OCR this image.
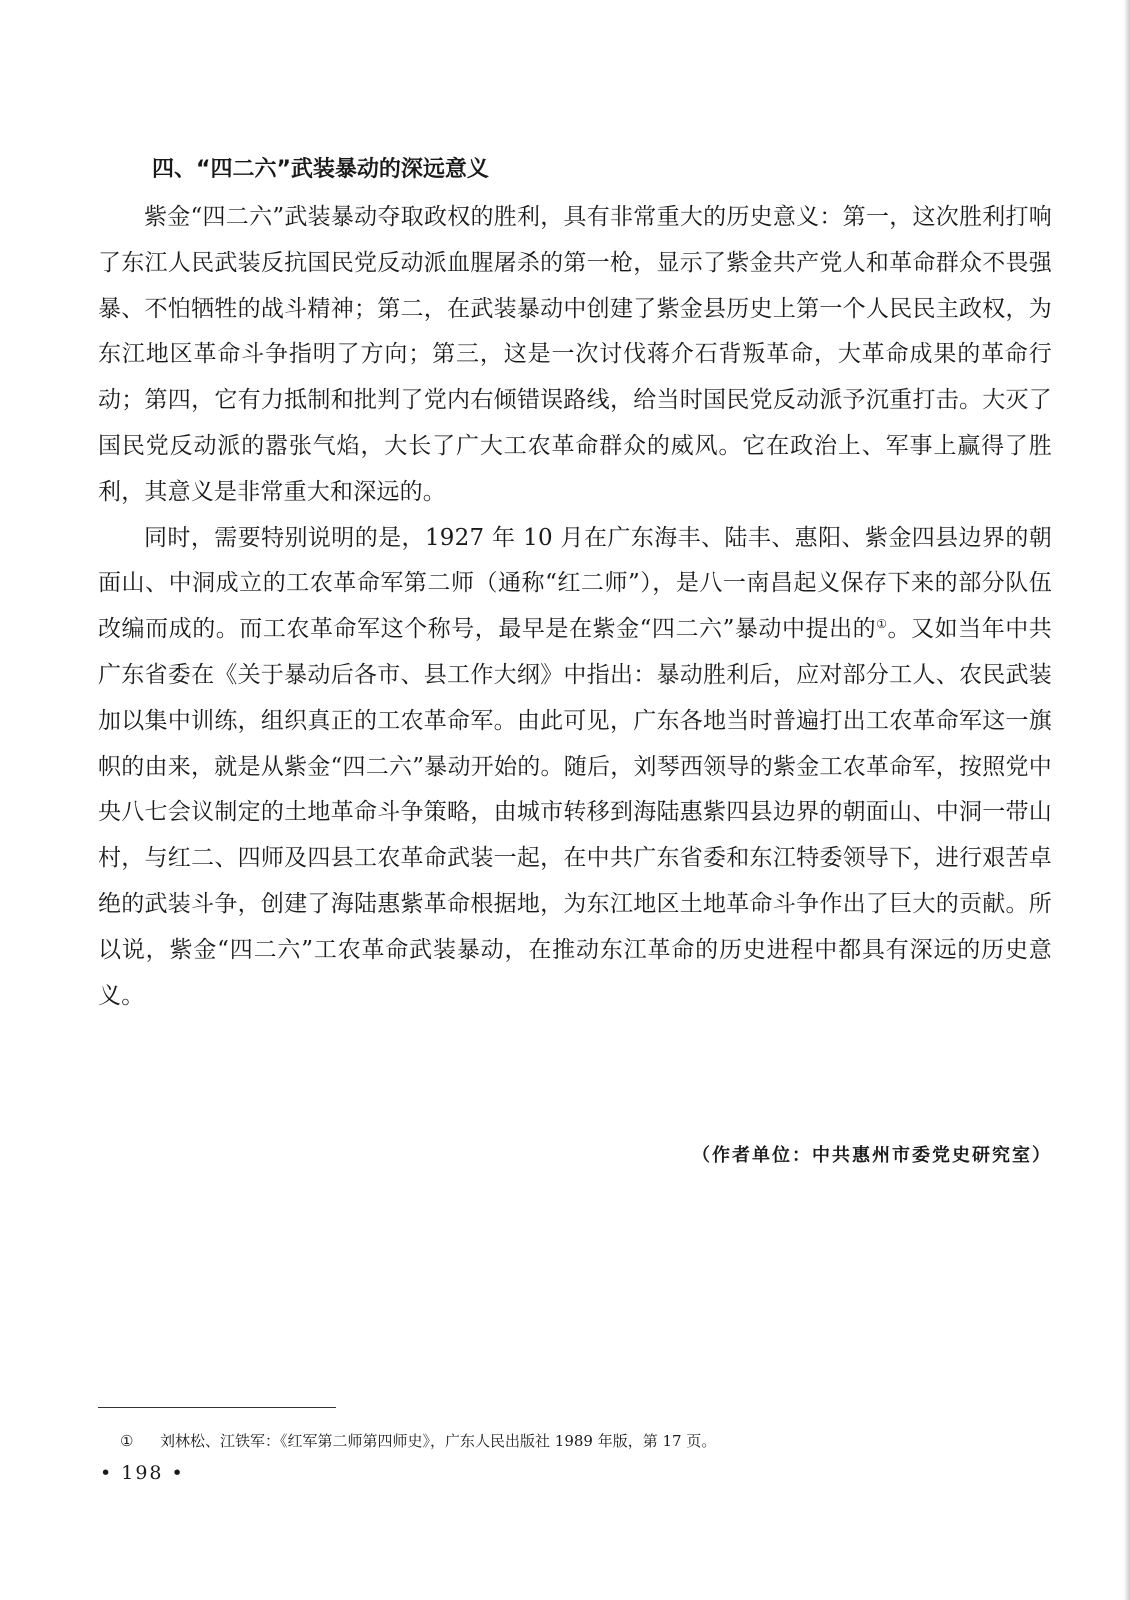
四、“四二六”武装暴动的深远意义

紫金“四二六”武装暴动夺取政权的胜利，具有非常重大的历史意义：第一，这次胜利打响了东江人民武装反抗国民党反动派血腥屠杀的第一枪，显示了紫金共产党人和革命群众不畏强暴、不怕牺牲的战斗精神；第二，在武装暴动中创建了紫金县历史上第一个人民民主政权，为东江地区革命斗争指明了方向；第三，这是一次讨伐蒋介石背叛革命，大革命成果的革命行动；第四，它有力抵制和批判了党内右倾错误路线，给当时国民党反动派予沉重打击。大灭了国民党反动派的嚣张气焰，大长了广大工农革命群众的威风。它在政治上、军事上赢得了胜利，其意义是非常重大和深远的。

同时，需要特别说明的是，1927 年 10 月在广东海丰、陆丰、惠阳、紫金四县边界的朝面山、中洞成立的工农革命军第二师（通称“红二师”），是八一南昌起义保存下来的部分队伍改编而成的。而工农革命军这个称号，最早是在紫金“四二六”暴动中提出的①。又如当年中共广东省委在《关于暴动后各市、县工作大纲》中指出：暴动胜利后，应对部分工人、农民武装加以集中训练，组织真正的工农革命军。由此可见，广东各地当时普遍打出工农革命军这一旗帜的由来，就是从紫金“四二六”暴动开始的。随后，刘琴西领导的紫金工农革命军，按照党中央八七会议制定的土地革命斗争策略，由城市转移到海陆惠紫四县边界的朝面山、中洞一带山村，与红二、四师及四县工农革命武装一起，在中共广东省委和东江特委领导下，进行艰苦卓绝的武装斗争，创建了海陆惠紫革命根据地，为东江地区土地革命斗争作出了巨大的贡献。所以说，紫金“四二六”工农革命武装暴动，在推动东江革命的历史进程中都具有深远的历史意义。

（作者单位：中共惠州市委党史研究室）
① 刘林松、江铁军：《红军第二师第四师史》，广东人民出版社 1989 年版，第 17 页。
• 198 •
